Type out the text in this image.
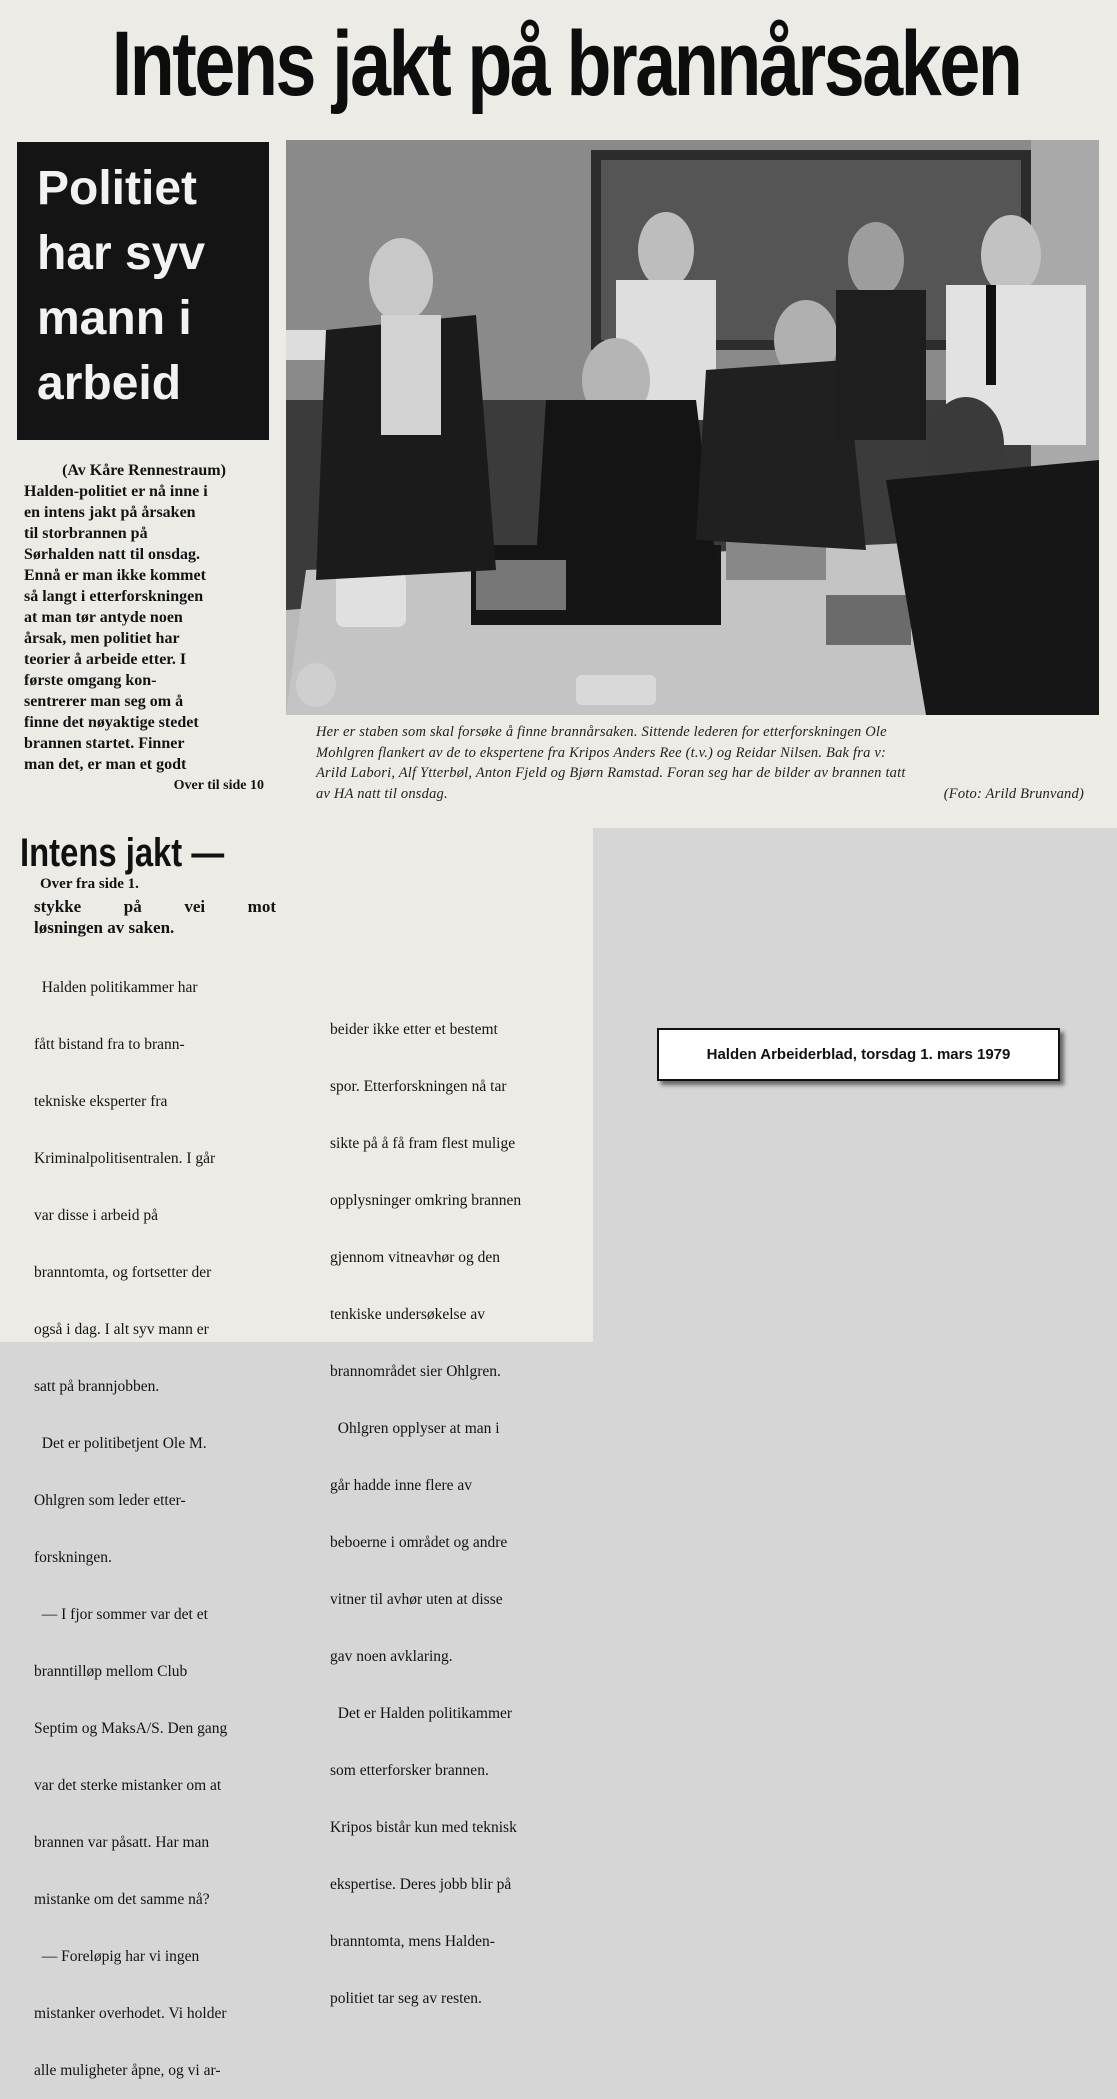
Intens jakt på brannårsaken
Politiet
har syv
mann i
arbeid
(Av Kåre Rennestraum)
Halden-politiet er nå inne i
en intens jakt på årsaken
til storbrannen på
Sørhalden natt til onsdag.
Ennå er man ikke kommet
så langt i etterforskningen
at man tør antyde noen
årsak, men politiet har
teorier å arbeide etter. I
første omgang kon-
sentrerer man seg om å
finne det nøyaktige stedet
brannen startet. Finner
man det, er man et godt
Over til side 10
Her er staben som skal forsøke å finne brannårsaken. Sittende lederen for etterforskningen Ole
Mohlgren flankert av de to ekspertene fra Kripos Anders Ree (t.v.) og Reidar Nilsen. Bak fra v:
Arild Labori, Alf Ytterbøl, Anton Fjeld og Bjørn Ramstad. Foran seg har de bilder av brannen tatt
av HA natt til onsdag.	(Foto: Arild Brunvand)
Intens jakt —
Over fra side 1.
stykke på vei mot
løsningen av saken.

Halden politikammer har

fått bistand fra to brann-

tekniske eksperter fra

Kriminalpolitisentralen. I går

var disse i arbeid på

branntomta, og fortsetter der

også i dag. I alt syv mann er

satt på brannjobben.

Det er politibetjent Ole M.

Ohlgren som leder etter-

forskningen.

— I fjor sommer var det et

branntilløp mellom Club

Septim og MaksA/S. Den gang

var det sterke mistanker om at

brannen var påsatt. Har man

mistanke om det samme nå?

— Foreløpig har vi ingen

mistanker overhodet. Vi holder

alle muligheter åpne, og vi ar-

beider ikke etter et bestemt

spor. Etterforskningen nå tar

sikte på å få fram flest mulige

opplysninger omkring brannen

gjennom vitneavhør og den

tenkiske undersøkelse av

brannområdet sier Ohlgren.

Ohlgren opplyser at man i

går hadde inne flere av

beboerne i området og andre

vitner til avhør uten at disse

gav noen avklaring.

Det er Halden politikammer

som etterforsker brannen.

Kripos bistår kun med teknisk

ekspertise. Deres jobb blir på

branntomta, mens Halden-

politiet tar seg av resten.

Halden Arbeiderblad, torsdag 1. mars 1979
